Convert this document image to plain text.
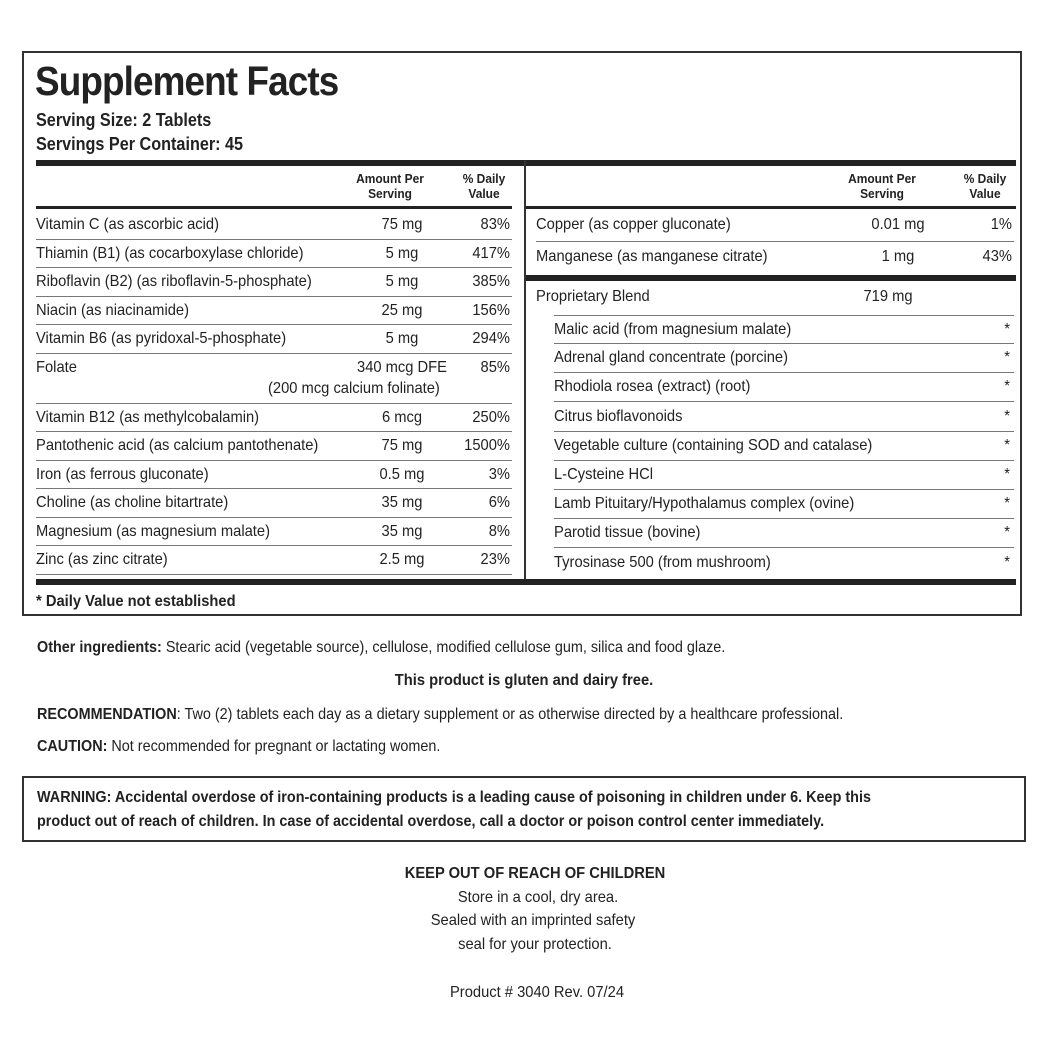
Supplement Facts
Serving Size: 2 Tablets
Servings Per Container: 45
Amount Per
Serving
% Daily
Value
Amount Per
Serving
% Daily
Value
Vitamin C (as ascorbic acid)	75 mg	83%
Thiamin (B1) (as cocarboxylase chloride)	5 mg	417%
Riboflavin (B2) (as riboflavin-5-phosphate)	5 mg	385%
Niacin (as niacinamide)	25 mg	156%
Vitamin B6 (as pyridoxal-5-phosphate)	5 mg	294%
Folate	340 mcg DFE	85%
(200 mcg calcium folinate)
Vitamin B12 (as methylcobalamin)	6 mcg	250%
Pantothenic acid (as calcium pantothenate)	75 mg	1500%
Iron (as ferrous gluconate)	0.5 mg	3%
Choline (as choline bitartrate)	35 mg	6%
Magnesium (as magnesium malate)	35 mg	8%
Zinc (as zinc citrate)	2.5 mg	23%
Copper (as copper gluconate)	0.01 mg	1%
Manganese (as manganese citrate)	1 mg	43%
Proprietary Blend	719 mg
Malic acid (from magnesium malate)	*
Adrenal gland concentrate (porcine)	*
Rhodiola rosea (extract) (root)	*
Citrus bioflavonoids	*
Vegetable culture (containing SOD and catalase)	*
L-Cysteine HCl	*
Lamb Pituitary/Hypothalamus complex (ovine)	*
Parotid tissue (bovine)	*
Tyrosinase 500 (from mushroom)	*
* Daily Value not established
Other ingredients: Stearic acid (vegetable source), cellulose, modified cellulose gum, silica and food glaze.
This product is gluten and dairy free.
RECOMMENDATION: Two (2) tablets each day as a dietary supplement or as otherwise directed by a healthcare professional.
CAUTION: Not recommended for pregnant or lactating women.
WARNING: Accidental overdose of iron-containing products is a leading cause of poisoning in children under 6. Keep this
product out of reach of children. In case of accidental overdose, call a doctor or poison control center immediately.
KEEP OUT OF REACH OF CHILDREN
Store in a cool, dry area.
Sealed with an imprinted safety
seal for your protection.
Product # 3040 Rev. 07/24
